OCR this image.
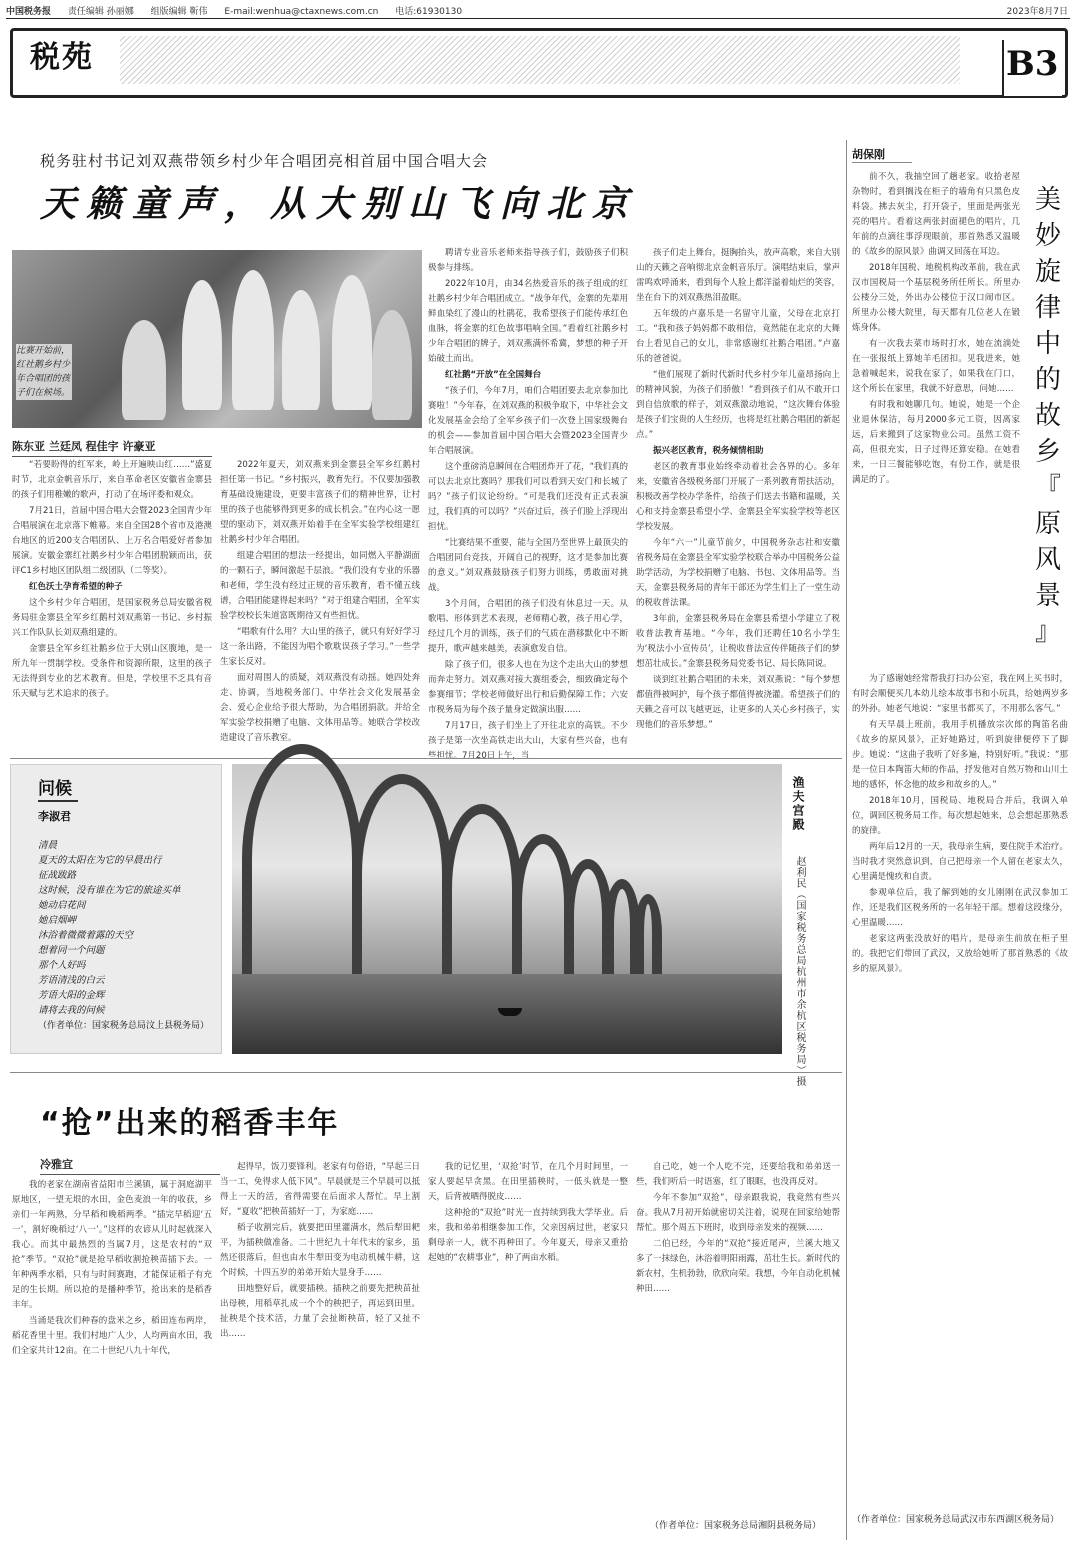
中国税务报 责任编辑 孙丽娜 组版编辑 靳伟 E-mail:wenhua@ctaxnews.com.cn 电话:61930130	2023年8月7日
税苑	B3
税务驻村书记刘双燕带领乡村少年合唱团亮相首届中国合唱大会
天籁童声，从大别山飞向北京
比赛开始前，红社鹅乡村少年合唱团的孩子们在候场。
陈东亚 兰廷凤 程佳宇 许豪亚

“若要盼得的红军来，岭上开遍映山红……”盛夏时节，北京金帆音乐厅，来自革命老区安徽省金寨县的孩子们用稚嫩的歌声，打动了在场评委和观众。

7月21日，首届中国合唱大会暨2023全国青少年合唱展演在北京落下帷幕。来自全国28个省市及港澳台地区的近200支合唱团队、上万名合唱爱好者参加展演。安徽金寨红社鹅乡村少年合唱团脱颖而出，获评C1乡村地区团队组二级团队（二等奖）。

红色沃土孕育希望的种子

这个乡村少年合唱团，是国家税务总局安徽省税务局驻金寨县全军乡红鹅村刘双燕第一书记、乡村振兴工作队队长刘双燕组建的。

金寨县全军乡红社鹅乡位于大别山区腹地，是一所九年一贯制学校。受条件和资源所限，这里的孩子无法得到专业的艺术教育。但是，学校里不乏具有音乐天赋与艺术追求的孩子。

2022年夏天，刘双燕来到金寨县全军乡红鹅村担任第一书记。“乡村振兴，教育先行。不仅要加强教育基础设施建设，更要丰富孩子们的精神世界，让村里的孩子也能够得到更多的成长机会。”在内心这一愿望的驱动下，刘双燕开始着手在全军实验学校组建红社鹅乡村少年合唱团。

组建合唱团的想法一经提出，如同燃入平静湖面的一颗石子，瞬间激起千层浪。“我们没有专业的乐器和老师，学生没有经过正规的音乐教育，看不懂五线谱，合唱团能建得起来吗？”对于组建合唱团，全军实验学校校长朱道富既期待又有些担忧。

“唱歌有什么用？大山里的孩子，就只有好好学习这一条出路，不能因为唱个歌耽误孩子学习。”一些学生家长反对。

面对周围人的质疑，刘双燕没有动摇。她四处奔走、协调，当地税务部门、中华社会文化发展基金会、爱心企业给予很大帮助，为合唱团捐款。并给全军实验学校捐赠了电脑、文体用品等。她联合学校改造建设了音乐教室。

聘请专业音乐老师来指导孩子们，鼓励孩子们积极参与排练。

2022年10月，由34名热爱音乐的孩子组成的红社鹅乡村少年合唱团成立。“战争年代，金寨的先辈用鲜血染红了漫山的杜鹃花，我希望孩子们能传承红色血脉，将金寨的红色故事唱响全国。”看着红社鹅乡村少年合唱团的牌子，刘双燕满怀希冀，梦想的种子开始破土而出。

红社鹅“开放”在全国舞台

“孩子们，今年7月，咱们合唱团要去北京参加比赛啦！”今年春，在刘双燕的积极争取下，中华社会文化发展基金会给了全军乡孩子们一次登上国家级舞台的机会——参加首届中国合唱大会暨2023全国青少年合唱展演。

这个重磅消息瞬间在合唱团炸开了花，“我们真的可以去北京比赛吗？那我们可以看到天安门和长城了吗？”孩子们议论纷纷。“可是我们还没有正式表演过，我们真的可以吗？”兴奋过后，孩子们脸上浮现出担忧。

“比赛结果不重要，能与全国乃至世界上最顶尖的合唱团同台竞技，开阔自己的视野，这才是参加比赛的意义。”刘双燕鼓励孩子们努力训练，勇敢面对挑战。

3个月间，合唱团的孩子们没有休息过一天。从歌唱、形体到艺术表现，老师精心教，孩子用心学，经过几个月的训练，孩子们的气质在潜移默化中不断提升，歌声越来越美，表演愈发自信。

除了孩子们，很多人也在为这个走出大山的梦想而奔走努力。刘双燕对接大赛组委会，细致确定每个参赛细节；学校老师做好出行和后勤保障工作；六安市税务局为每个孩子量身定做演出服……

7月17日，孩子们坐上了开往北京的高铁。不少孩子是第一次坐高铁走出大山，大家有些兴奋，也有些担忧。7月20日上午，当

孩子们走上舞台，挺胸抬头，放声高歌，来自大别山的天籁之音响彻北京金帆音乐厅。演唱结束后，掌声雷鸣欢呼涌来，看到每个人脸上都洋溢着灿烂的笑容，坐在台下的刘双燕热泪盈眶。

五年级的卢嘉乐是一名留守儿童，父母在北京打工。“我和孩子妈妈都不敢相信，竟然能在北京的大舞台上看见自己的女儿，非常感谢红社鹅合唱团。”卢嘉乐的爸爸说。

“他们展现了新时代新时代乡村少年儿童昂扬向上的精神风貌，为孩子们骄傲！”看到孩子们从不敢开口到自信放歌的样子，刘双燕激动地说，“这次舞台体验是孩子们宝贵的人生经历，也将是红社鹅合唱团的新起点。”

振兴老区教育，税务倾情相助

老区的教育事业始终牵动着社会各界的心。多年来，安徽省各级税务部门开展了一系列教育帮扶活动，积极改善学校办学条件，给孩子们送去书籍和温暖，关心和支持金寨县希望小学、金寨县全军实验学校等老区学校发展。

今年“六一”儿童节前夕，中国税务杂志社和安徽省税务局在金寨县全军实验学校联合举办中国税务公益助学活动，为学校捐赠了电脑、书包、文体用品等。当天，金寨县税务局的青年干部还为学生们上了一堂生动的税收普法课。

3年前，金寨县税务局在金寨县希望小学建立了税收普法教育基地。“今年，我们还聘任10名小学生为‘税法小小宣传员’，让税收普法宣传伴随孩子们的梦想茁壮成长。”金寨县税务局党委书记、局长陈同说。

谈到红社鹅合唱团的未来，刘双燕说：“每个梦想都值得被呵护，每个孩子都值得被浇灌。希望孩子们的天籁之音可以飞越更远，让更多的人关心乡村孩子，实现他们的音乐梦想。”

胡保刚
美
妙
旋
律
中
的
故
乡
『
原
风
景
』

前不久，我抽空回了趟老家。收拾老屋杂物时，看到搁浅在柜子的墙角有只黑色皮料袋。拂去灰尘，打开袋子，里面是两张光亮的唱片。看着这两张封面褪色的唱片，几年前的点滴往事浮现眼前，那首熟悉又温暖的《故乡的原风景》曲调又回荡在耳边。

2018年国税、地税机构改革前，我在武汉市国税局一个基层税务所任所长。所里办公楼分三处，外出办公楼位于汉口闹市区。所里办公楼大院里，每天都有几位老人在锻炼身体。

有一次我去菜市场时打水，她在流淌处在一张报纸上算她羊毛团扣。见我进来，她急着喊起来，说我在家了，如果我在门口，这个所长在家里，我就不好意思，问她……

有时我和她聊几句。她说，她是一个企业退休保洁，每月2000多元工资，因离家远，后来搬到了这家物业公司。虽然工资不高，但很充实，日子过得还算安稳。在她看来，一日三餐能够吃饱，有份工作，就是很满足的了。

为了感谢她经常帮我打扫办公室，我在网上买书时，有时会顺便买几本幼儿绘本故事书和小玩具，给她两岁多的外孙。她老气地说：“家里书都买了，不用那么客气。”

有天早晨上班前，我用手机播放宗次郎的陶笛名曲《故乡的原风景》，正好她路过，听到旋律便停下了脚步。她说：“这曲子我听了好多遍，特别好听。”我说：“那是一位日本陶笛大师的作品，抒发他对自然万物和山川土地的感怀，怀念他的故乡和故乡的人。”

2018年10月，国税局、地税局合并后，我调入单位，调回区税务局工作。每次想起她来，总会想起那熟悉的旋律。

两年后12月的一天，我母亲生病，要住院手术治疗。当时我才突然意识到，自己把母亲一个人留在老家太久，心里满是愧疚和自责。

参观单位后，我了解到她的女儿刚刚在武汉参加工作，还是我们区税务所的一名年轻干部。想着这段缘分，心里温暖……

老家这两张没放好的唱片，是母亲生前放在柜子里的。我把它们带回了武汉，又放给她听了那首熟悉的《故乡的原风景》。

（作者单位：国家税务总局武汉市东西湖区税务局）
问候
李淑君
清晨
夏天的太阳在为它的早晨出行
征战跋路
这时候，没有谁在为它的旅途买单
她动启花间
她启烟岬
沐浴着微微着露的天空
想着同一个问题
那个人好吗
芳语清浅的白云
芳语大阳的金辉
请将去我的问候
（作者单位：国家税务总局汶上县税务局）
渔夫宫殿
赵利民（国家税务总局杭州市余杭区税务局）摄
“抢”出来的稻香丰年
冷雅宜

我的老家在湖南省益阳市兰溪镇，属于洞庭湖平原地区，一望无垠的水田，金色麦浪一年的收获，乡亲们一年两熟，分早稻和晚稻两季。“插完早稻迎‘五一’，割好晚稻过‘八一’。”这样的农谚从儿时起就深入我心。而其中最热烈的当属7月，这是农村的“双抢”季节。“双抢”就是抢早稻收割抢秧苗插下去。一年种两季水稻，只有与时间赛跑，才能保证稻子有充足的生长期。所以抢的是播种季节，抢出来的是稻香丰年。

当涌是我次们种春的盘米之乡，稻田连布两岸，稻花香里十里。我们村地广人少，人均两亩水田，我们全家共计12亩。在二十世纪八九十年代，

起得早，饭刀要锋利。老家有句俗语，“早起三日当一工，免得求人低下风”。早晨就是三个早晨可以抵得上一天的活，省得需要在后面求人帮忙。早上割好，“夏收”把秧苗插好一丁，为家庭……

稻子收割完后，就要把田里灌满水，然后犁田耙平，为插秧做准备。二十世纪九十年代末的家乡，虽然还很落后，但也由水牛犁田变为电动机械牛耕，这个时候，十四五岁的弟弟开始大显身手……

田地整好后，就要插秧。插秧之前要先把秧苗扯出母秧，用稻草扎成一个个的秧把子，再运到田里。扯秧是个技术活，力量了会扯断秧苗，轻了又扯不出……

我的记忆里，‘双抢’时节，在几个月时间里，一家人要起早贪黑。在田里插秧时，一低头就是一整天，后背被晒得脱皮……

这种抢的“双抢”时光一直持续到我大学毕业。后来，我和弟弟相继参加工作，父亲因病过世，老家只剩母亲一人，就不再种田了。今年夏天，母亲又重拾起她的“农耕事业”，种了两亩水稻。

自己吃，她一个人吃不完，还要给我和弟弟送一些，我们听后一时语塞，红了眼眶，也没再反对。

今年不参加“双抢”，母亲跟我说，我竟然有些兴奋。我从7月初开始就密切关注着，说现在回家给她帮帮忙。那个周五下班时，收到母亲发来的视频……

二伯已经，今年的“双抢”接近尾声，兰溪大地又多了一抹绿色，沐浴着明阳雨露，茁壮生长。新时代的新农村，生机勃勃，欣欣向荣。我想，今年自动化机械种田……

（作者单位：国家税务总局湘阴县税务局）
